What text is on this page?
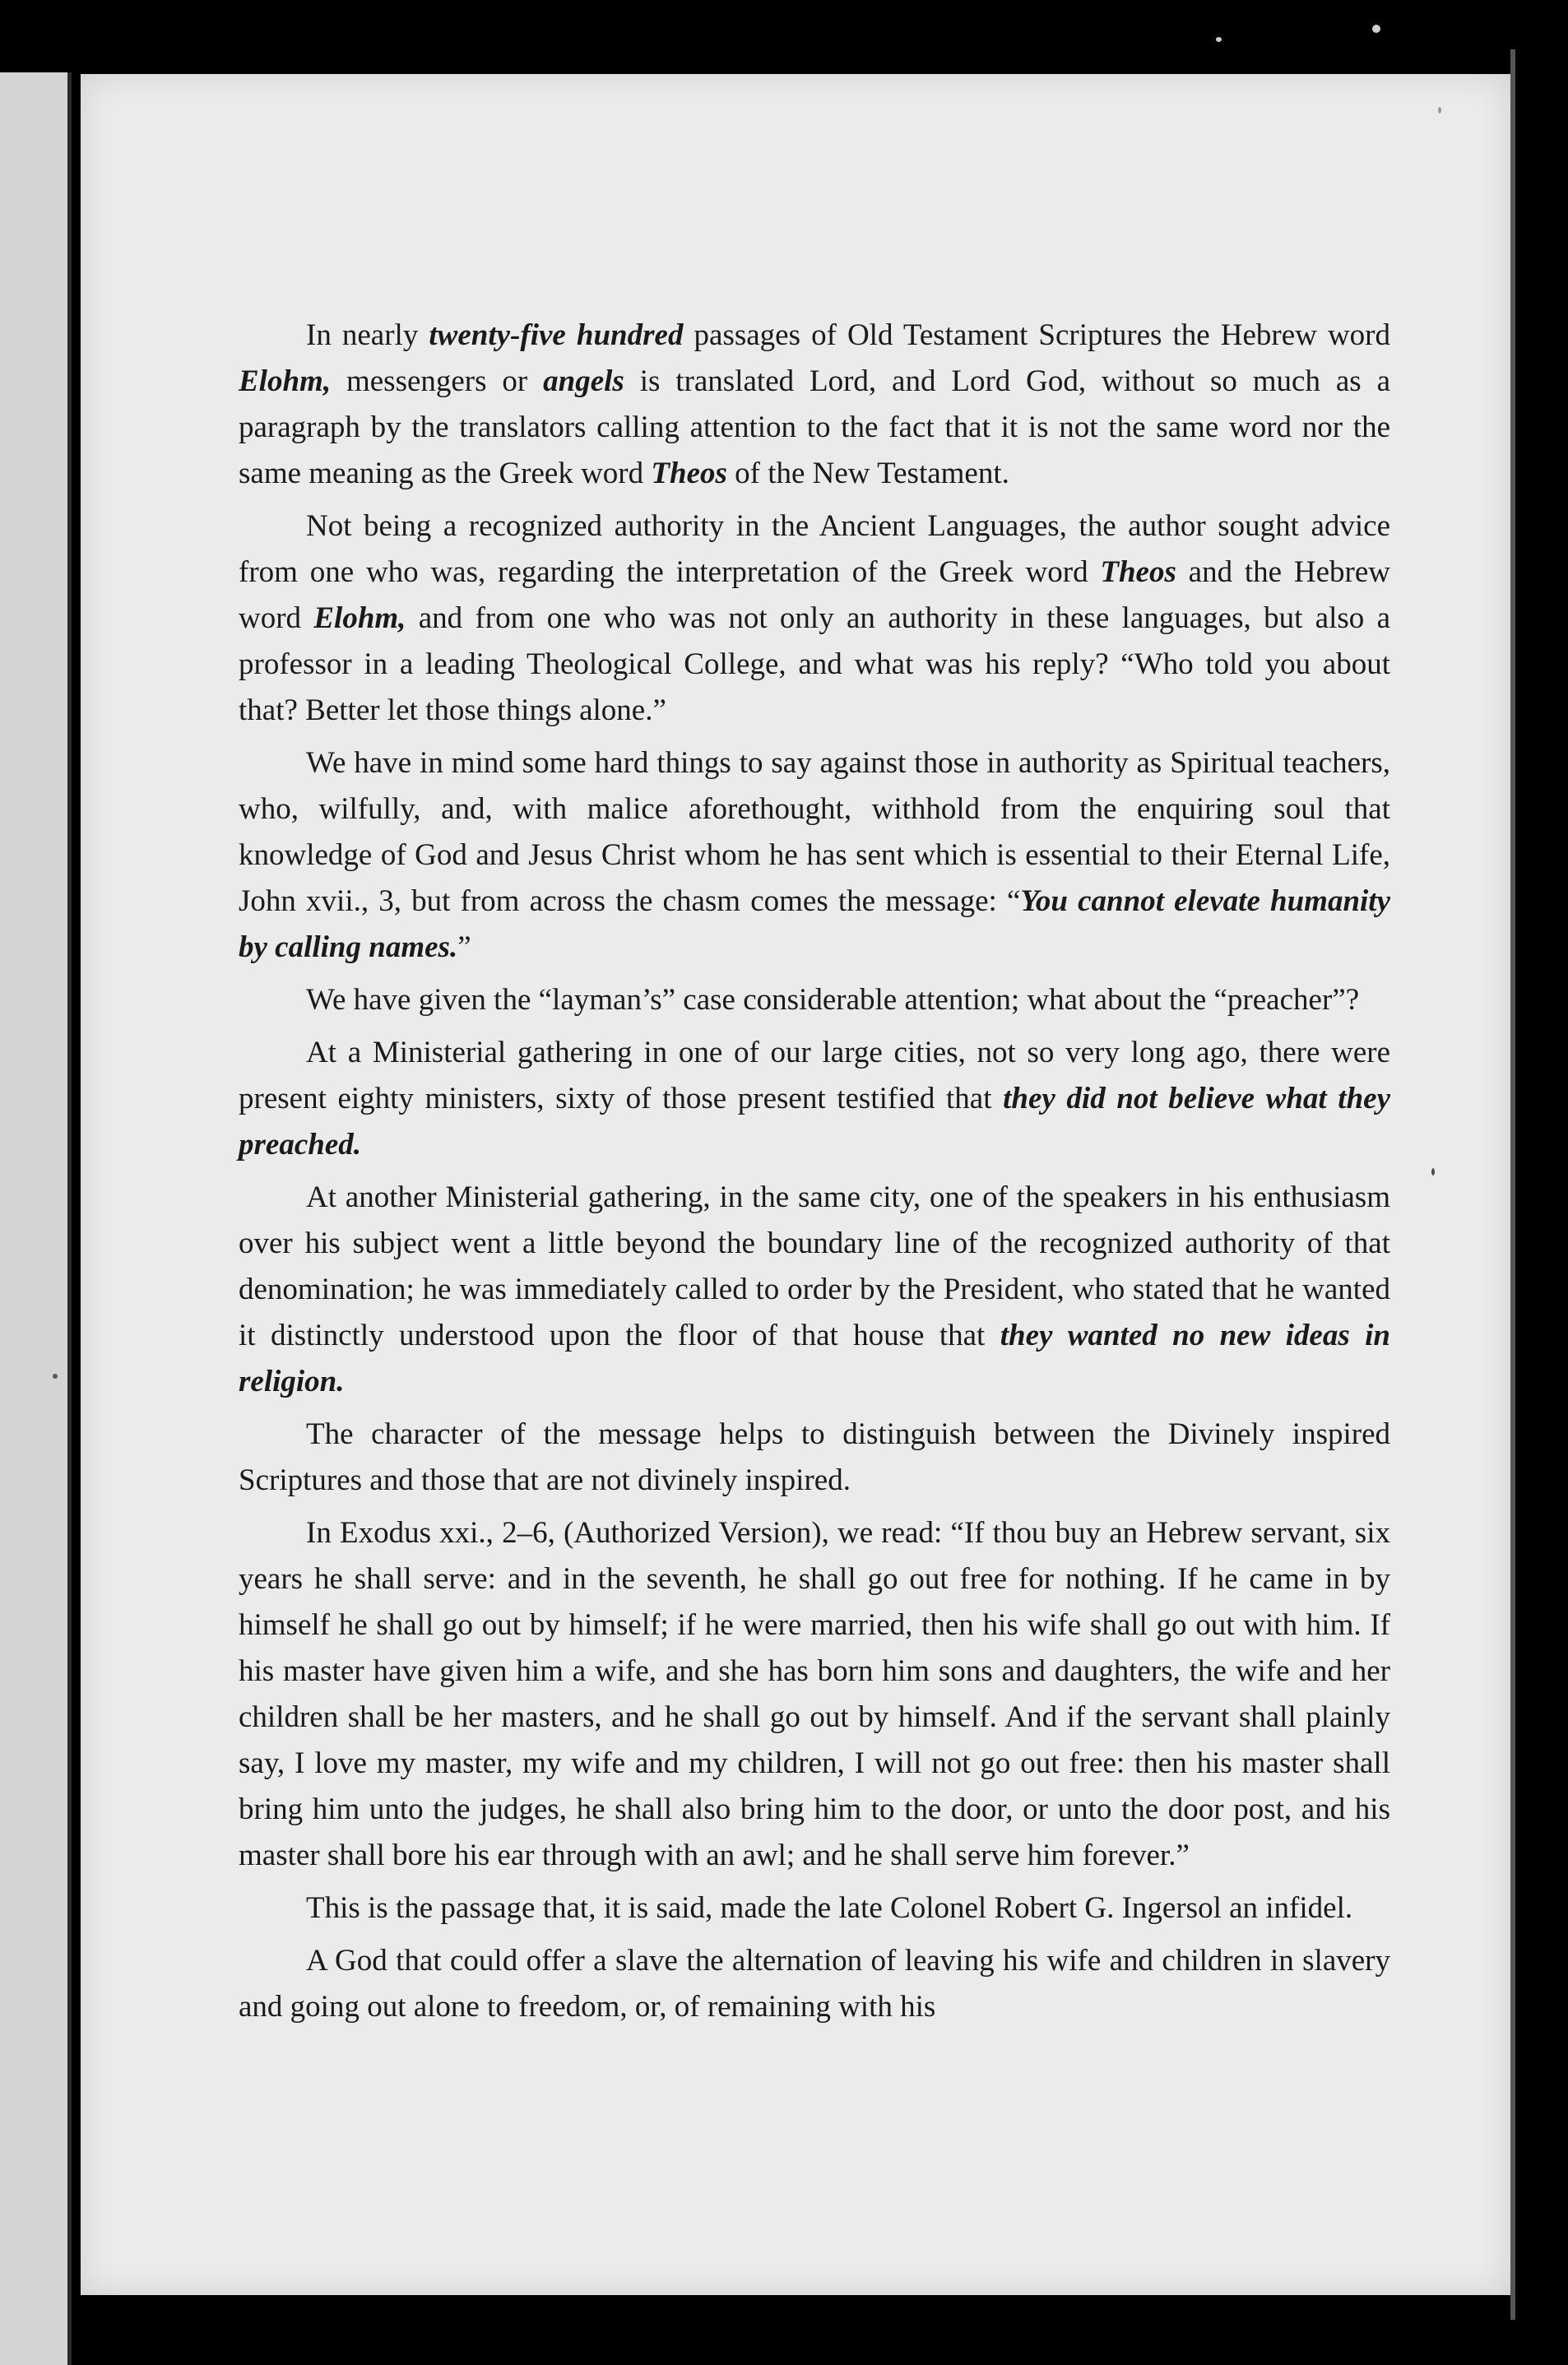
In nearly twenty-five hundred passages of Old Testament Scriptures the Hebrew word Elohm, messengers or angels is translated Lord, and Lord God, without so much as a paragraph by the translators calling attention to the fact that it is not the same word nor the same meaning as the Greek word Theos of the New Testament.

Not being a recognized authority in the Ancient Languages, the author sought advice from one who was, regarding the interpretation of the Greek word Theos and the Hebrew word Elohm, and from one who was not only an authority in these languages, but also a professor in a leading Theological College, and what was his reply? “Who told you about that? Better let those things alone.”

We have in mind some hard things to say against those in authority as Spiritual teachers, who, wilfully, and, with malice aforethought, withhold from the enquiring soul that knowledge of God and Jesus Christ whom he has sent which is essential to their Eternal Life, John xvii., 3, but from across the chasm comes the message: “You cannot elevate humanity by calling names.”

We have given the “layman’s” case considerable attention; what about the “preacher”?

At a Ministerial gathering in one of our large cities, not so very long ago, there were present eighty ministers, sixty of those present testified that they did not believe what they preached.

At another Ministerial gathering, in the same city, one of the speakers in his enthusiasm over his subject went a little beyond the boundary line of the recognized authority of that denomination; he was immediately called to order by the President, who stated that he wanted it distinctly understood upon the floor of that house that they wanted no new ideas in religion.

The character of the message helps to distinguish between the Divinely inspired Scriptures and those that are not divinely inspired.

In Exodus xxi., 2–6, (Authorized Version), we read: “If thou buy an Hebrew servant, six years he shall serve: and in the seventh, he shall go out free for nothing. If he came in by himself he shall go out by himself; if he were married, then his wife shall go out with him. If his master have given him a wife, and she has born him sons and daughters, the wife and her children shall be her masters, and he shall go out by himself. And if the servant shall plainly say, I love my master, my wife and my children, I will not go out free: then his master shall bring him unto the judges, he shall also bring him to the door, or unto the door post, and his master shall bore his ear through with an awl; and he shall serve him forever.”

This is the passage that, it is said, made the late Colonel Robert G. Ingersol an infidel.

A God that could offer a slave the alternation of leaving his wife and children in slavery and going out alone to freedom, or, of remaining with his
